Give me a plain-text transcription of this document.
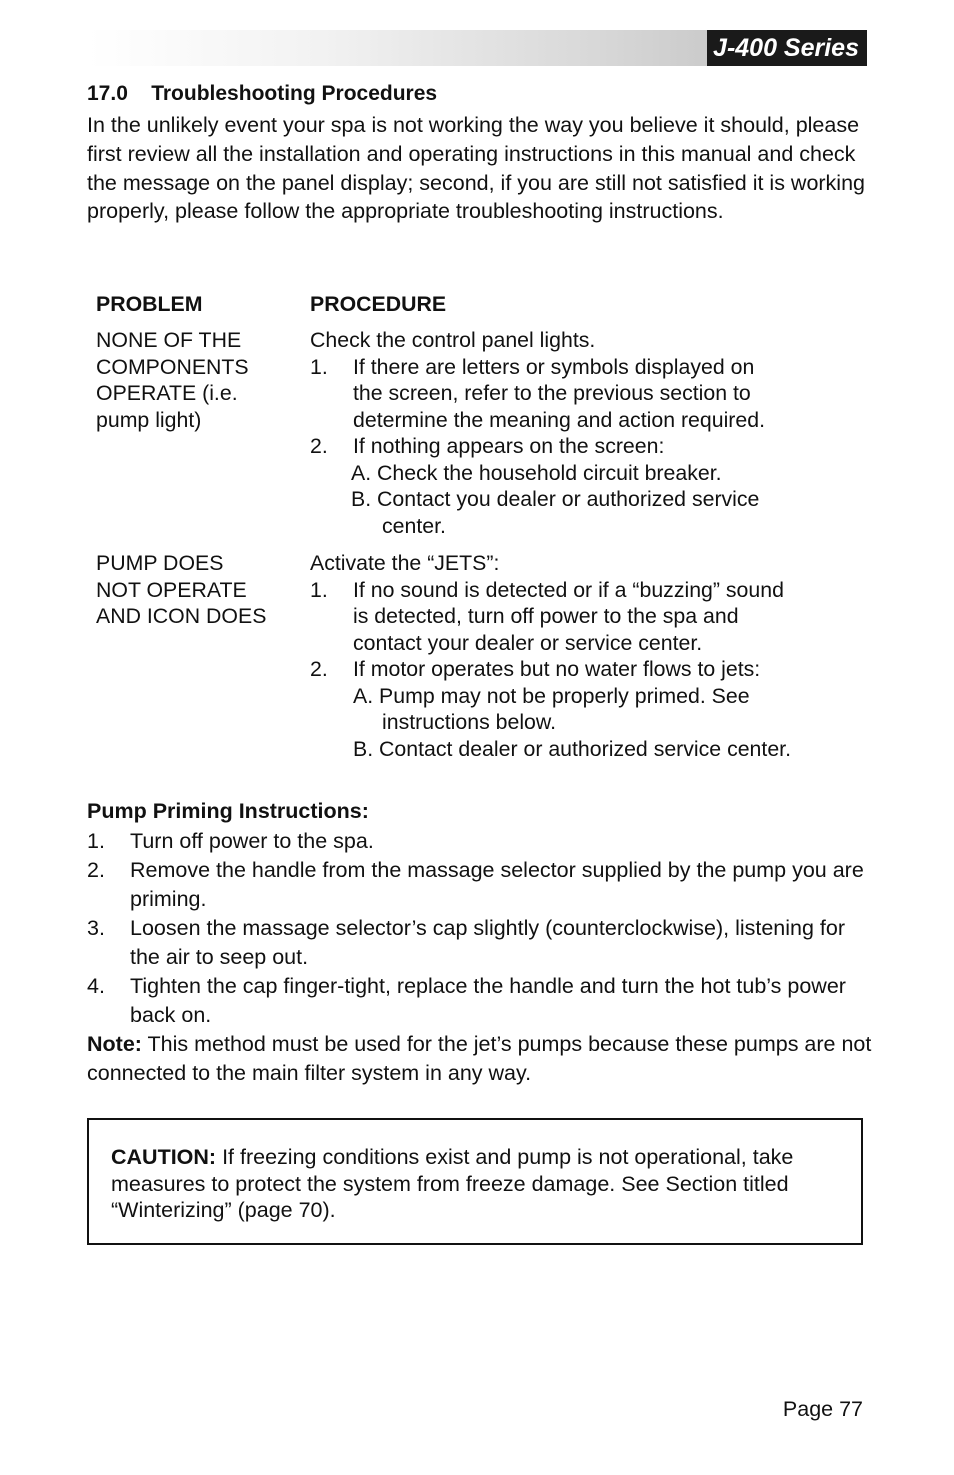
J-400 Series
17.0 Troubleshooting Procedures
In the unlikely event your spa is not working the way you believe it should, please first review all the installation and operating instructions in this manual and check the message on the panel display; second, if you are still not satisfied it is working properly, please follow the appropriate troubleshooting instructions.
PROBLEM	PROCEDURE
NONE OF THE
COMPONENTS
OPERATE (i.e.
pump light)
Check the control panel lights.
1. If there are letters or symbols displayed on
the screen, refer to the previous section to
determine the meaning and action required.
2. If nothing appears on the screen:
A. Check the household circuit breaker.
B. Contact you dealer or authorized service
center.
PUMP DOES
NOT OPERATE
AND ICON DOES
Activate the “JETS”:
1. If no sound is detected or if a “buzzing” sound
is detected, turn off power to the spa and
contact your dealer or service center.
2. If motor operates but no water flows to jets:
A. Pump may not be properly primed. See
instructions below.
B. Contact dealer or authorized service center.
Pump Priming Instructions:
1. Turn off power to the spa.
2. Remove the handle from the massage selector supplied by the pump you are priming.
3. Loosen the massage selector’s cap slightly (counterclockwise), listening for the air to seep out.
4. Tighten the cap finger-tight, replace the handle and turn the hot tub’s power back on.
Note: This method must be used for the jet’s pumps because these pumps are not connected to the main filter system in any way.
CAUTION: If freezing conditions exist and pump is not operational, take measures to protect the system from freeze damage. See Section titled “Winterizing” (page 70).
Page 77
